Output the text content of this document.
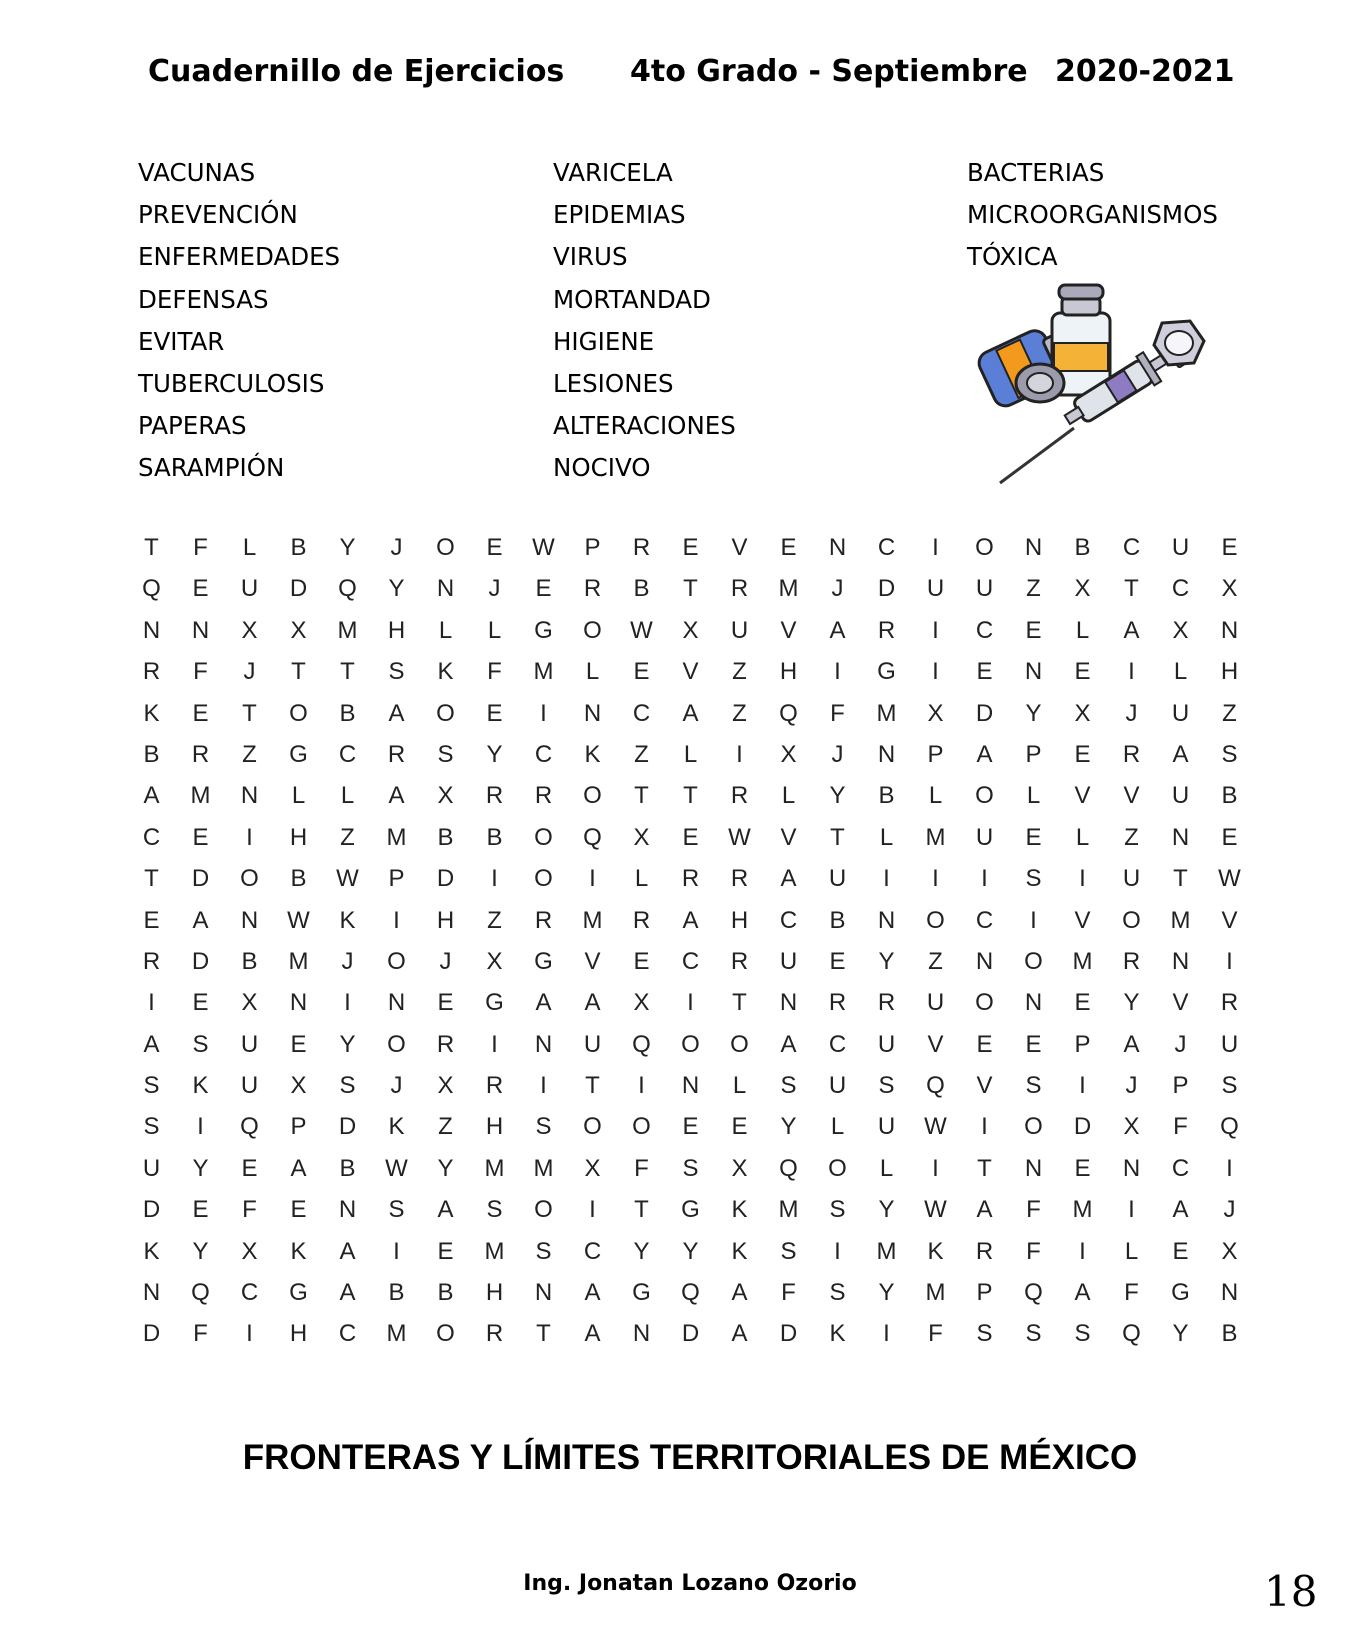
Cuadernillo de Ejercicios 4to Grado - Septiembre 2020-2021
VACUNAS
PREVENCIÓN
ENFERMEDADES
DEFENSAS
EVITAR
TUBERCULOSIS
PAPERAS
SARAMPIÓN
VARICELA
EPIDEMIAS
VIRUS
MORTANDAD
HIGIENE
LESIONES
ALTERACIONES
NOCIVO
BACTERIAS
MICROORGANISMOS
TÓXICA
T	F	L	B	Y	J	O	E	W	P	R	E	V	E	N	C	I	O	N	B	C	U	E
Q	E	U	D	Q	Y	N	J	E	R	B	T	R	M	J	D	U	U	Z	X	T	C	X
N	N	X	X	M	H	L	L	G	O	W	X	U	V	A	R	I	C	E	L	A	X	N
R	F	J	T	T	S	K	F	M	L	E	V	Z	H	I	G	I	E	N	E	I	L	H
K	E	T	O	B	A	O	E	I	N	C	A	Z	Q	F	M	X	D	Y	X	J	U	Z
B	R	Z	G	C	R	S	Y	C	K	Z	L	I	X	J	N	P	A	P	E	R	A	S
A	M	N	L	L	A	X	R	R	O	T	T	R	L	Y	B	L	O	L	V	V	U	B
C	E	I	H	Z	M	B	B	O	Q	X	E	W	V	T	L	M	U	E	L	Z	N	E
T	D	O	B	W	P	D	I	O	I	L	R	R	A	U	I	I	I	S	I	U	T	W
E	A	N	W	K	I	H	Z	R	M	R	A	H	C	B	N	O	C	I	V	O	M	V
R	D	B	M	J	O	J	X	G	V	E	C	R	U	E	Y	Z	N	O	M	R	N	I
I	E	X	N	I	N	E	G	A	A	X	I	T	N	R	R	U	O	N	E	Y	V	R
A	S	U	E	Y	O	R	I	N	U	Q	O	O	A	C	U	V	E	E	P	A	J	U
S	K	U	X	S	J	X	R	I	T	I	N	L	S	U	S	Q	V	S	I	J	P	S
S	I	Q	P	D	K	Z	H	S	O	O	E	E	Y	L	U	W	I	O	D	X	F	Q
U	Y	E	A	B	W	Y	M	M	X	F	S	X	Q	O	L	I	T	N	E	N	C	I
D	E	F	E	N	S	A	S	O	I	T	G	K	M	S	Y	W	A	F	M	I	A	J
K	Y	X	K	A	I	E	M	S	C	Y	Y	K	S	I	M	K	R	F	I	L	E	X
N	Q	C	G	A	B	B	H	N	A	G	Q	A	F	S	Y	M	P	Q	A	F	G	N
D	F	I	H	C	M	O	R	T	A	N	D	A	D	K	I	F	S	S	S	Q	Y	B
FRONTERAS Y LÍMITES TERRITORIALES DE MÉXICO
Ing. Jonatan Lozano Ozorio	18
